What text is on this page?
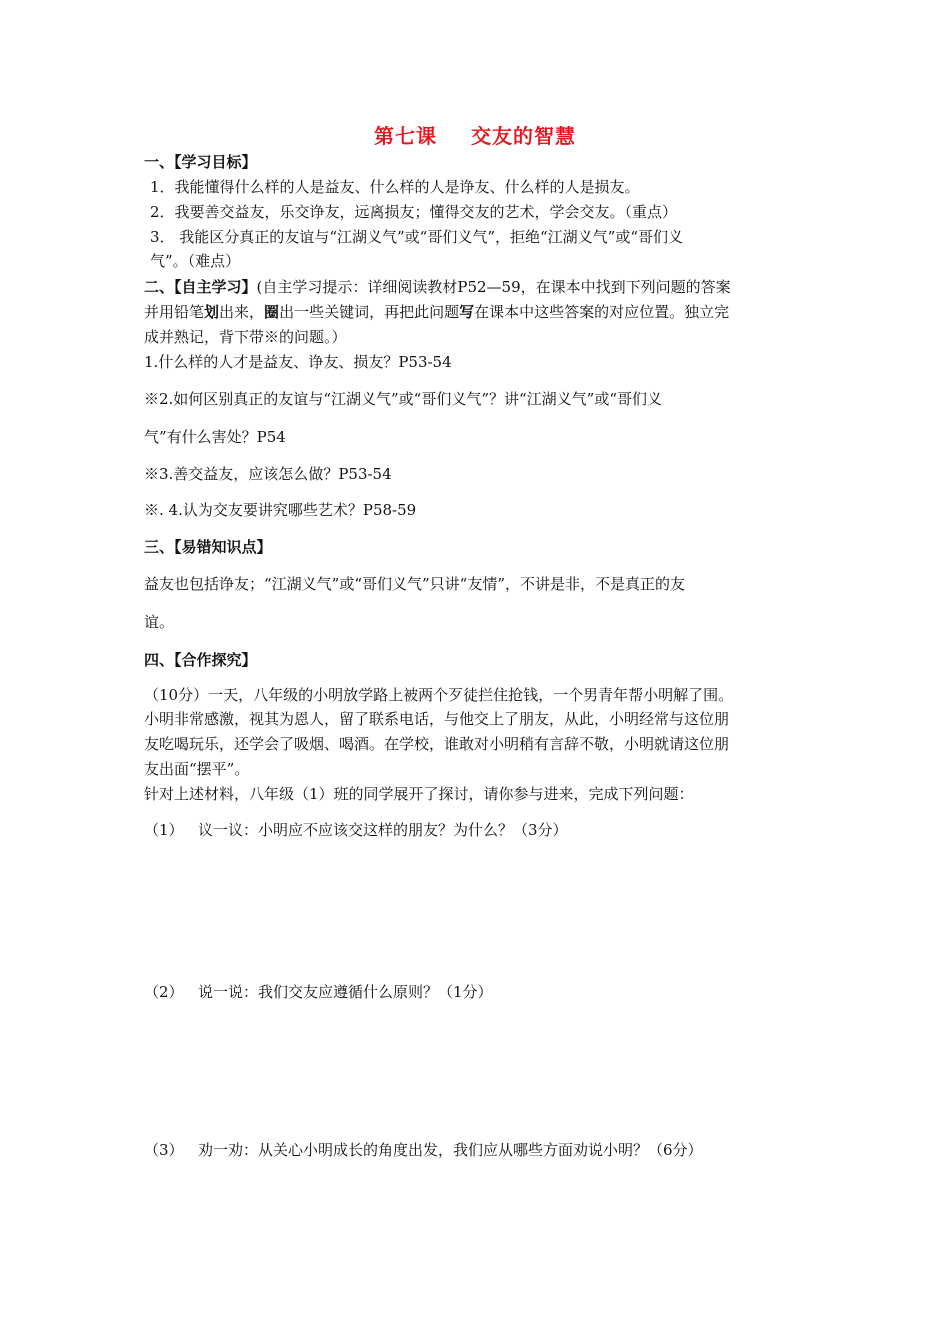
第七课 交友的智慧
一、【学习目标】
1．我能懂得什么样的人是益友、什么样的人是诤友、什么样的人是损友。
2．我要善交益友，乐交诤友，远离损友；懂得交友的艺术，学会交友。（重点）
3． 我能区分真正的友谊与“江湖义气”或“哥们义气”，拒绝“江湖义气”或“哥们义
气”。（难点）
二、【自主学习】(自主学习提示：详细阅读教材P52—59，在课本中找到下列问题的答案
并用铅笔划出来，圈出一些关键词，再把此问题写在课本中这些答案的对应位置。独立完
成并熟记，背下带※的问题。）
1.什么样的人才是益友、诤友、损友？P53-54
※2.如何区别真正的友谊与“江湖义气”或“哥们义气”？讲“江湖义气”或“哥们义
气”有什么害处？P54
※3.善交益友，应该怎么做？P53-54
※. 4.认为交友要讲究哪些艺术？P58-59
三、【易错知识点】
益友也包括诤友；“江湖义气”或“哥们义气”只讲“友情”，不讲是非，不是真正的友
谊。
四、【合作探究】
（10分）一天，八年级的小明放学路上被两个歹徒拦住抢钱，一个男青年帮小明解了围。
小明非常感激，视其为恩人，留了联系电话，与他交上了朋友，从此，小明经常与这位朋
友吃喝玩乐，还学会了吸烟、喝酒。在学校，谁敢对小明稍有言辞不敬，小明就请这位朋
友出面“摆平”。
针对上述材料，八年级（1）班的同学展开了探讨，请你参与进来，完成下列问题：
（1） 议一议：小明应不应该交这样的朋友？为什么？（3分）
（2） 说一说：我们交友应遵循什么原则？（1分）
（3） 劝一劝：从关心小明成长的角度出发，我们应从哪些方面劝说小明？（6分）
